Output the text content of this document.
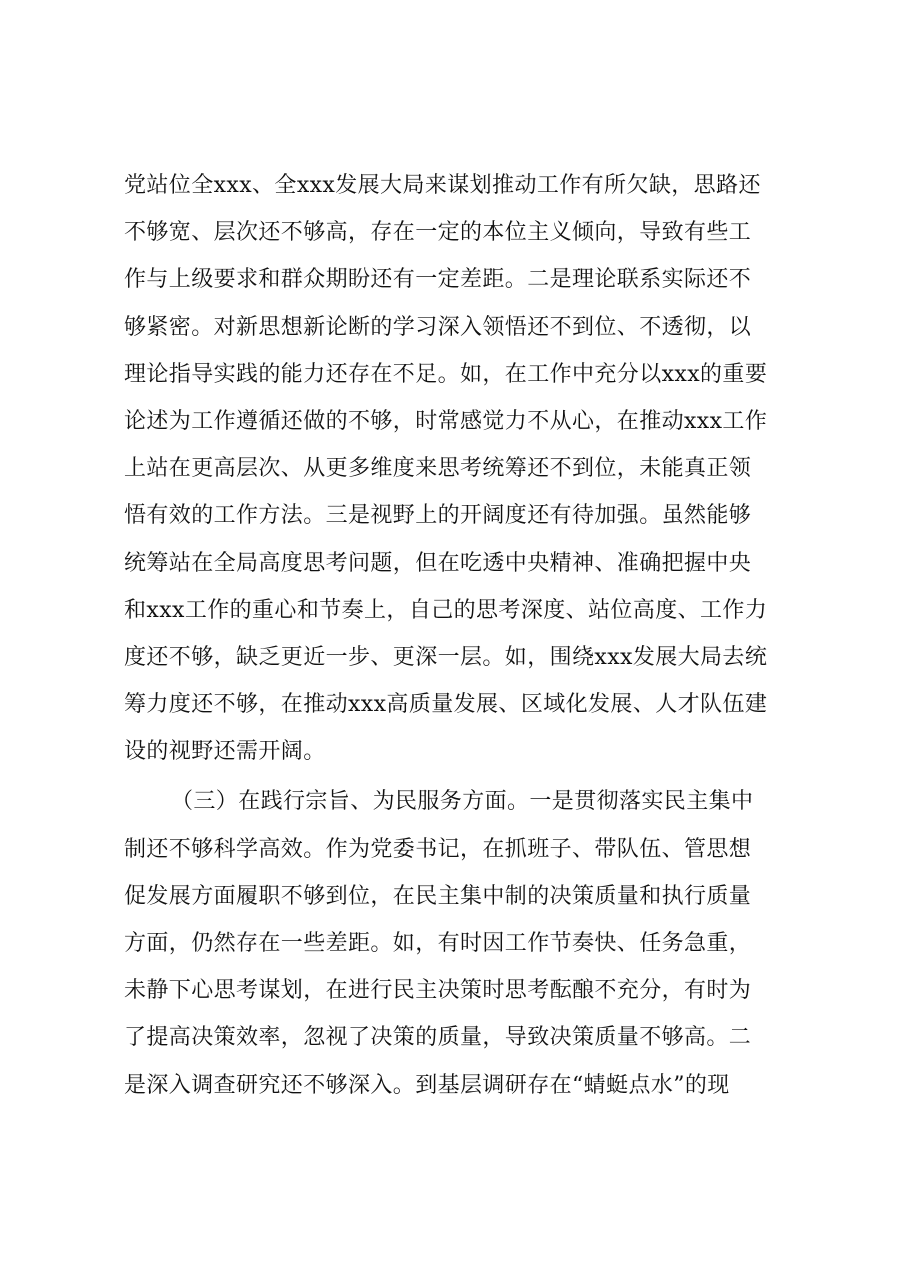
党站位全xxx、全xxx发展大局来谋划推动工作有所欠缺，思路还
不够宽、层次还不够高，存在一定的本位主义倾向，导致有些工
作与上级要求和群众期盼还有一定差距。二是理论联系实际还不
够紧密。对新思想新论断的学习深入领悟还不到位、不透彻，以
理论指导实践的能力还存在不足。如，在工作中充分以xxx的重要
论述为工作遵循还做的不够，时常感觉力不从心，在推动xxx工作
上站在更高层次、从更多维度来思考统筹还不到位，未能真正领
悟有效的工作方法。三是视野上的开阔度还有待加强。虽然能够
统筹站在全局高度思考问题，但在吃透中央精神、准确把握中央
和xxx工作的重心和节奏上，自己的思考深度、站位高度、工作力
度还不够，缺乏更近一步、更深一层。如，围绕xxx发展大局去统
筹力度还不够，在推动xxx高质量发展、区域化发展、人才队伍建
设的视野还需开阔。
（三）在践行宗旨、为民服务方面。一是贯彻落实民主集中
制还不够科学高效。作为党委书记，在抓班子、带队伍、管思想
促发展方面履职不够到位，在民主集中制的决策质量和执行质量
方面，仍然存在一些差距。如，有时因工作节奏快、任务急重，
未静下心思考谋划，在进行民主决策时思考酝酿不充分，有时为
了提高决策效率，忽视了决策的质量，导致决策质量不够高。二
是深入调查研究还不够深入。到基层调研存在“蜻蜓点水”的现
